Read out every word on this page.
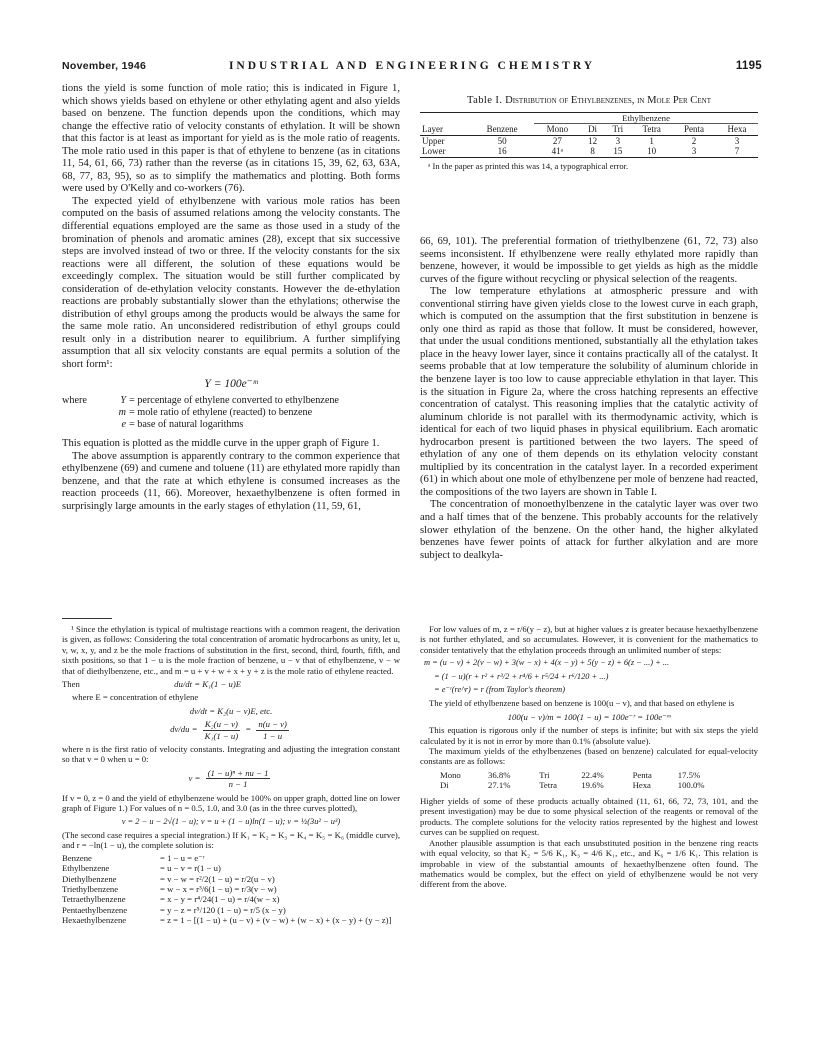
November, 1946	INDUSTRIAL AND ENGINEERING CHEMISTRY	1195

tions the yield is some function of mole ratio; this is indicated in Figure 1, which shows yields based on ethylene or other ethylating agent and also yields based on benzene. The function depends upon the conditions, which may change the effective ratio of velocity constants of ethylation. It will be shown that this factor is at least as important for yield as is the mole ratio of reagents. The mole ratio used in this paper is that of ethylene to benzene (as in citations 11, 54, 61, 66, 73) rather than the reverse (as in citations 15, 39, 62, 63, 63A, 68, 77, 83, 95), so as to simplify the mathematics and plotting. Both forms were used by O'Kelly and co-workers (76).

The expected yield of ethylbenzene with various mole ratios has been computed on the basis of assumed relations among the velocity constants. The differential equations employed are the same as those used in a study of the bromination of phenols and aromatic amines (28), except that six successive steps are involved instead of two or three. If the velocity constants for the six reactions were all different, the solution of these equations would be exceedingly complex. The situation would be still further complicated by consideration of de-ethylation velocity constants. However the de-ethylation reactions are probably substantially slower than the ethylations; otherwise the distribution of ethyl groups among the products would be always the same for the same mole ratio. An unconsidered redistribution of ethyl groups could result only in a distribution nearer to equilibrium. A further simplifying assumption that all six velocity constants are equal permits a solution of the short form¹:

Y = 100e⁻ᵐ
where	Y = percentage of ethylene converted to ethylbenzene
m = mole ratio of ethylene (reacted) to benzene
e = base of natural logarithms

This equation is plotted as the middle curve in the upper graph of Figure 1.

The above assumption is apparently contrary to the common experience that ethylbenzene (69) and cumene and toluene (11) are ethylated more rapidly than benzene, and that the rate at which ethylene is consumed increases as the reaction proceeds (11, 66). Moreover, hexaethylbenzene is often formed in surprisingly large amounts in the early stages of ethylation (11, 59, 61,

Table I. Distribution of Ethylbenzenes, in Mole Per Cent
		Ethylbenzene					
Layer	Benzene	Mono	Di	Tri	Tetra	Penta	Hexa
Upper	50	27	12	3	1	2	3
Lower	16	41ᵃ	8	15	10	3	7
ᵃ In the paper as printed this was 14, a typographical error.

66, 69, 101). The preferential formation of triethylbenzene (61, 72, 73) also seems inconsistent. If ethylbenzene were really ethylated more rapidly than benzene, however, it would be impossible to get yields as high as the middle curves of the figure without recycling or physical selection of the reagents.

The low temperature ethylations at atmospheric pressure and with conventional stirring have given yields close to the lowest curve in each graph, which is computed on the assumption that the first substitution in benzene is only one third as rapid as those that follow. It must be considered, however, that under the usual conditions mentioned, substantially all the ethylation takes place in the heavy lower layer, since it contains practically all of the catalyst. It seems probable that at low temperature the solubility of aluminum chloride in the benzene layer is too low to cause appreciable ethylation in that layer. This is the situation in Figure 2a, where the cross hatching represents an effective concentration of catalyst. This reasoning implies that the catalytic activity of aluminum chloride is not parallel with its thermodynamic activity, which is identical for each of two liquid phases in physical equilibrium. Each aromatic hydrocarbon present is partitioned between the two layers. The speed of ethylation of any one of them depends on its ethylation velocity constant multiplied by its concentration in the catalyst layer. In a recorded experiment (61) in which about one mole of ethylbenzene per mole of benzene had reacted, the compositions of the two layers are shown in Table I.

The concentration of monoethylbenzene in the catalytic layer was over two and a half times that of the benzene. This probably accounts for the relatively slower ethylation of the benzene. On the other hand, the higher alkylated benzenes have fewer points of attack for further alkylation and are more subject to dealkyla-

¹ Since the ethylation is typical of multistage reactions with a common reagent, the derivation is given, as follows: Considering the total concentration of aromatic hydrocarbons as unity, let u, v, w, x, y, and z be the mole fractions of substitution in the first, second, third, fourth, fifth, and sixth positions, so that 1 − u is the mole fraction of benzene, u − v that of ethylbenzene, v − w that of diethylbenzene, etc., and m = u + v + w + x + y + z is the mole ratio of ethylene reacted.

Then	du/dt = K₁(1 − u)E

where E = concentration of ethylene

dv/dt = K₂(u − v)E, etc.
$dv/du = \frac{\text{K₂(u − v)}}{\text{K₁(1 − u)}} = \frac{n(u - v)}{1 - u}$

where n is the first ratio of velocity constants. Integrating and adjusting the integration constant so that v = 0 when u = 0:

$v = \frac{\text{(1 − u)ⁿ + nu − 1}}{n - 1}$

If v = 0, z = 0 and the yield of ethylbenzene would be 100% on upper graph, dotted line on lower graph of Figure 1.) For values of n = 0.5, 1.0, and 3.0 (as in the three curves plotted),

v = 2 − u − 2√(1 − u); v = u + (1 − u)ln(1 − u); v = ½(3u² − u³)

(The second case requires a special integration.) If K₁ = K₂ = K₃ = K₄ = K₅ = K₆ (middle curve), and r = −ln(1 − u), the complete solution is:

Benzene	= 1 − u = e⁻ʳ
Ethylbenzene	= u − v = r(1 − u)
Diethylbenzene	= v − w = r²/2(1 − u) = r/2(u − v)
Triethylbenzene	= w − x = r³/6(1 − u) = r/3(v − w)
Tetraethylbenzene	= x − y = r⁴/24(1 − u) = r/4(w − x)
Pentaethylbenzene	= y − z = r⁵/120 (1 − u) = r/5 (x − y)
Hexaethylbenzene	= z = 1 − [(1 − u) + (u − v) + (v − w) + (w − x) + (x − y) + (y − z)]

For low values of m, z = r/6(y − z), but at higher values z is greater because hexaethylbenzene is not further ethylated, and so accumulates. However, it is convenient for the mathematics to consider tentatively that the ethylation proceeds through an unlimited number of steps:

m = (u − v) + 2(v − w) + 3(w − x) + 4(x − y) + 5(y − z) + 6(z − ...) + ...
= (1 − u)(r + r² + r³/2 + r⁴/6 + r⁵/24 + r⁶/120 + ...)
= e⁻ʳ(re^r) = r (from Taylor's theorem)

The yield of ethylbenzene based on benzene is 100(u − v), and that based on ethylene is

100(u − v)/m = 100(1 − u) = 100e⁻ʳ = 100e⁻ᵐ

This equation is rigorous only if the number of steps is infinite; but with six steps the yield calculated by it is not in error by more than 0.1% (absolute value).

The maximum yields of the ethylbenzenes (based on benzene) calculated for equal-velocity constants are as follows:

Mono	36.8%	Tri	22.4%	Penta	17.5%
Di	27.1%	Tetra	19.6%	Hexa	100.0%

Higher yields of some of these products actually obtained (11, 61, 66, 72, 73, 101, and the present investigation) may be due to some physical selection of the reagents or removal of the products. The complete solutions for the velocity ratios represented by the highest and lowest curves can be supplied on request.

Another plausible assumption is that each unsubstituted position in the benzene ring reacts with equal velocity, so that K₂ = 5/6 K₁, K₃ = 4/6 K₁, etc., and K₆ = 1/6 K₁. This relation is improbable in view of the substantial amounts of hexaethylbenzene often found. The mathematics would be complex, but the effect on yield of ethylbenzene would be not very different from the above.
